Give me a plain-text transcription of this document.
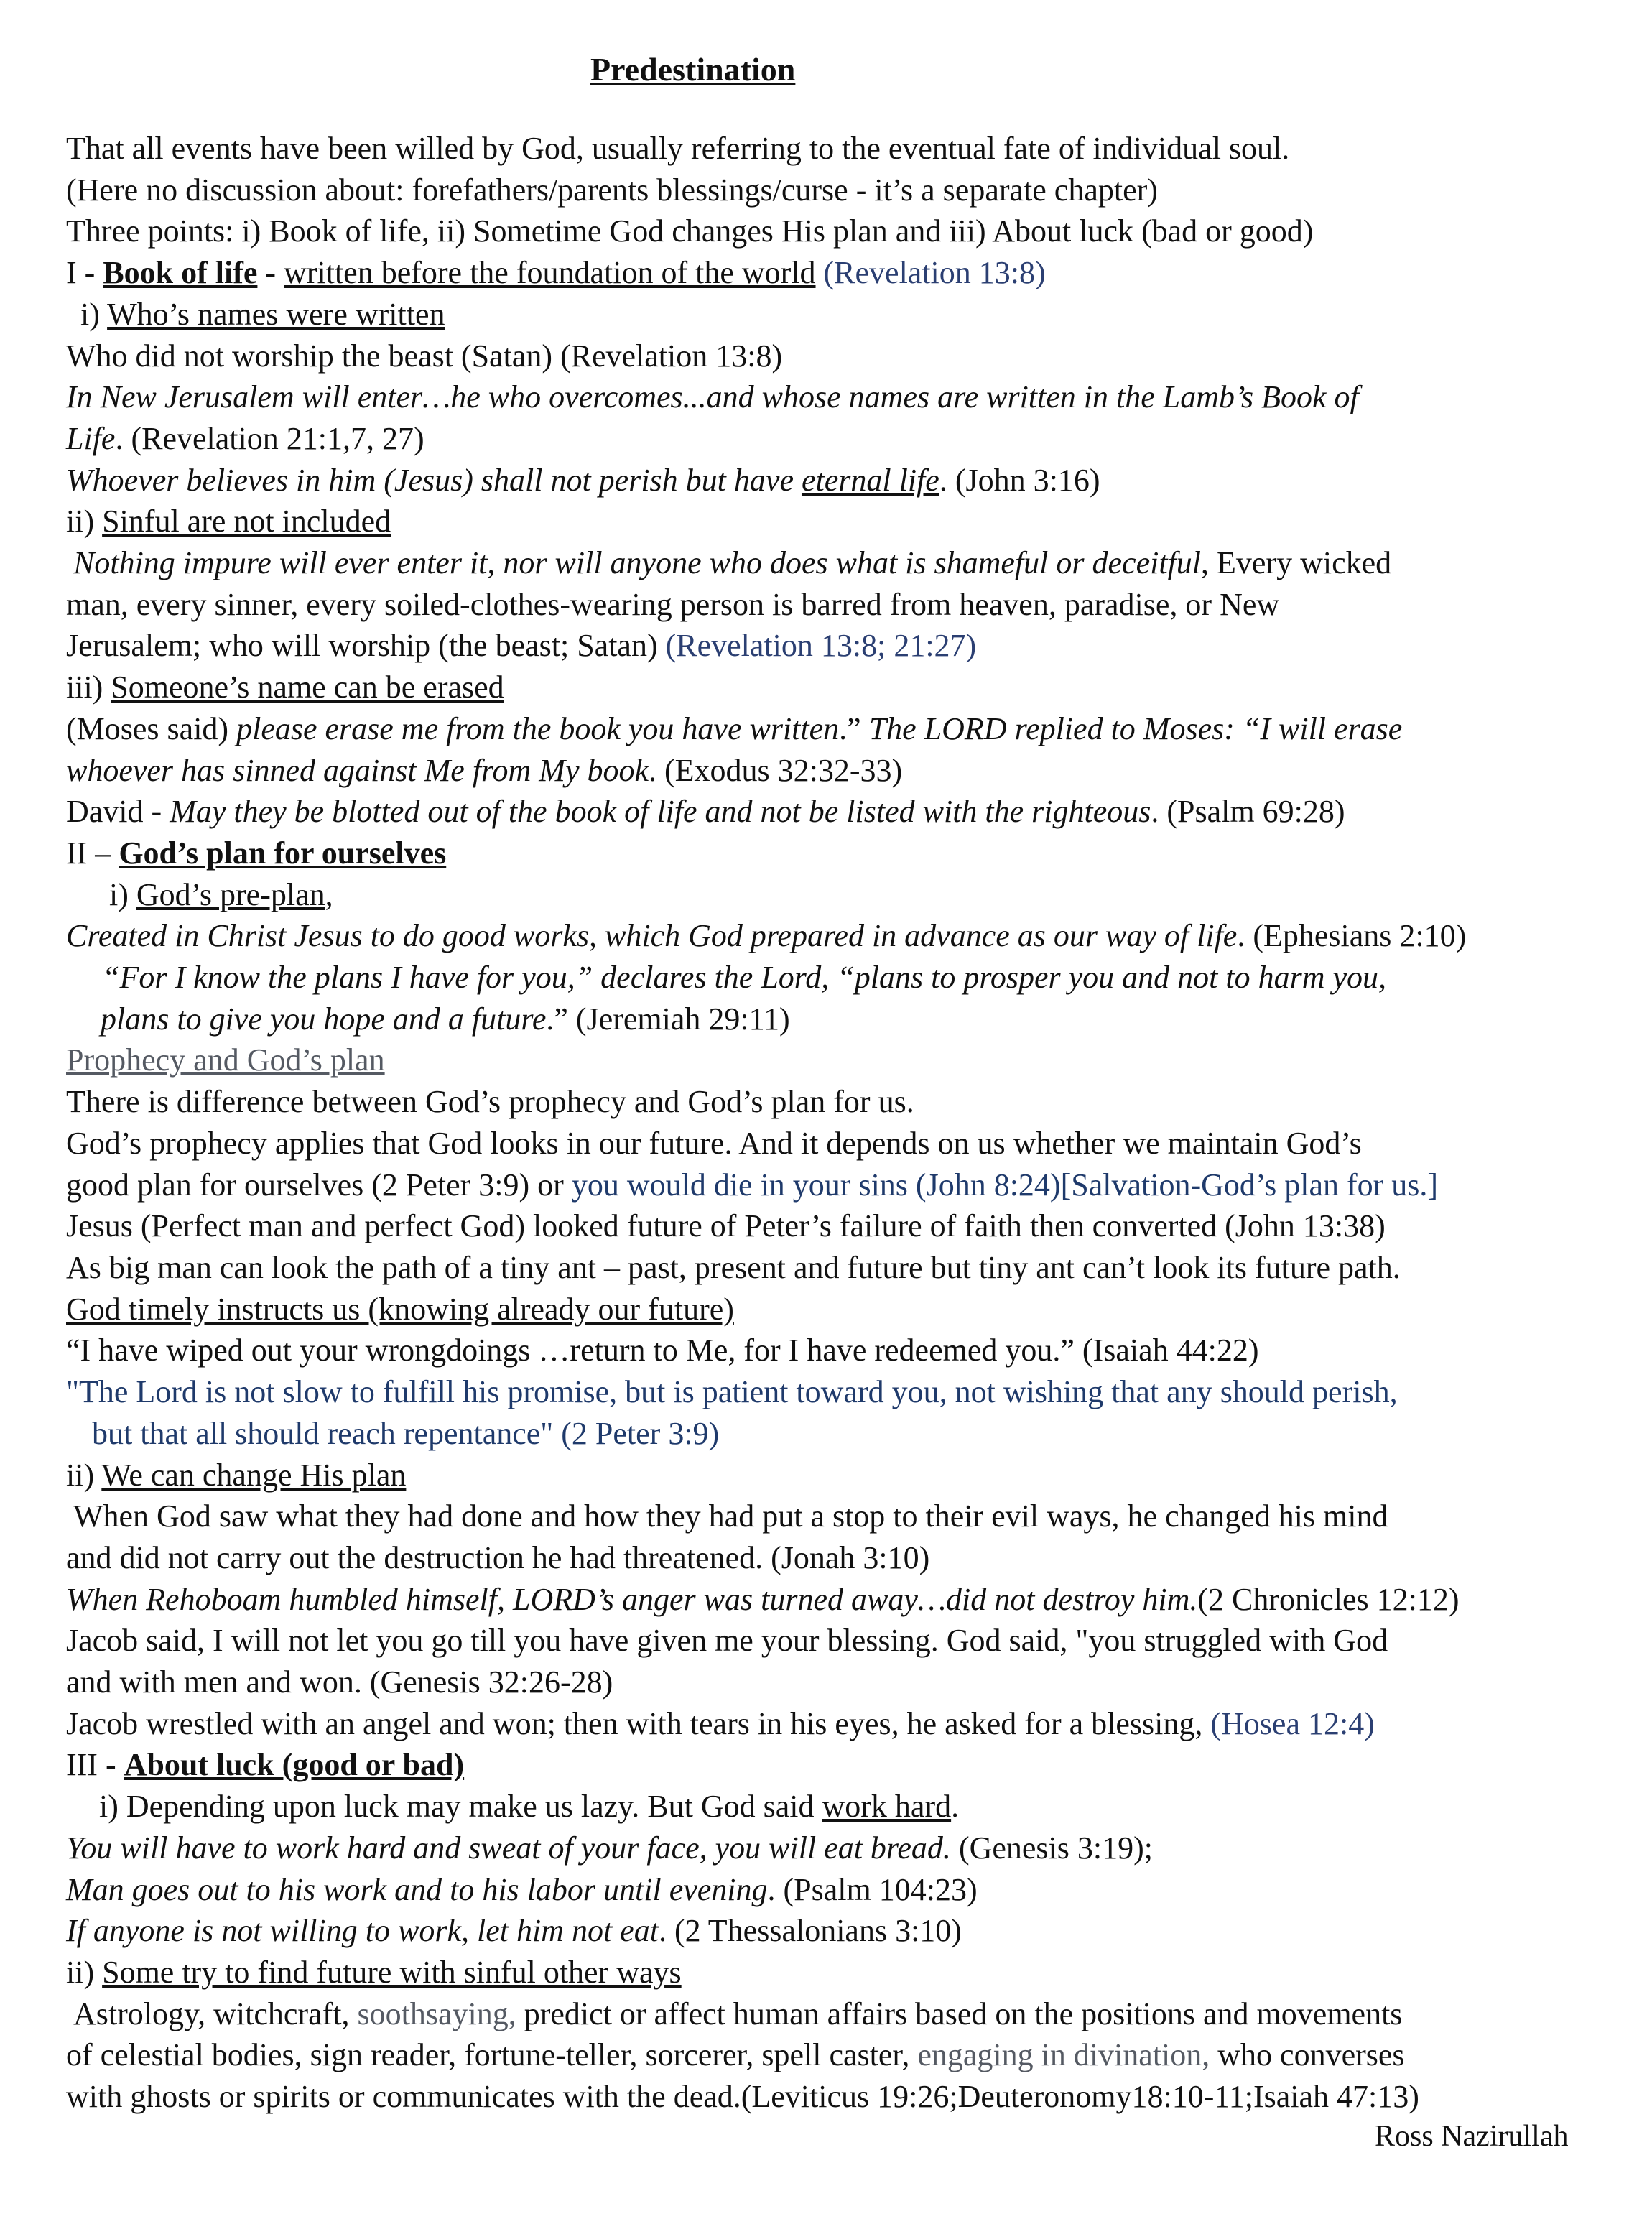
Predestination
That all events have been willed by God, usually referring to the eventual fate of individual soul.
(Here no discussion about: forefathers/parents blessings/curse - it’s a separate chapter)
Three points: i) Book of life, ii) Sometime God changes His plan and iii) About luck (bad or good)
I - Book of life - written before the foundation of the world (Revelation 13:8)
i) Who’s names were written
Who did not worship the beast (Satan) (Revelation 13:8)
In New Jerusalem will enter…he who overcomes...and whose names are written in the Lamb’s Book of
Life. (Revelation 21:1,7, 27)
Whoever believes in him (Jesus) shall not perish but have eternal life. (John 3:16)
ii) Sinful are not included
Nothing impure will ever enter it, nor will anyone who does what is shameful or deceitful, Every wicked
man, every sinner, every soiled-clothes-wearing person is barred from heaven, paradise, or New
Jerusalem; who will worship (the beast; Satan) (Revelation 13:8; 21:27)
iii) Someone’s name can be erased
(Moses said) please erase me from the book you have written.” The LORD replied to Moses: “I will erase
whoever has sinned against Me from My book. (Exodus 32:32-33)
David - May they be blotted out of the book of life and not be listed with the righteous. (Psalm 69:28)
II – God’s plan for ourselves
i) God’s pre-plan,
Created in Christ Jesus to do good works, which God prepared in advance as our way of life. (Ephesians 2:10)
“For I know the plans I have for you,” declares the Lord, “plans to prosper you and not to harm you,
plans to give you hope and a future.” (Jeremiah 29:11)
Prophecy and God’s plan
There is difference between God’s prophecy and God’s plan for us.
God’s prophecy applies that God looks in our future. And it depends on us whether we maintain God’s
good plan for ourselves (2 Peter 3:9) or you would die in your sins (John 8:24)[Salvation-God’s plan for us.]
Jesus (Perfect man and perfect God) looked future of Peter’s failure of faith then converted (John 13:38)
As big man can look the path of a tiny ant – past, present and future but tiny ant can’t look its future path.
God timely instructs us (knowing already our future)
“I have wiped out your wrongdoings …return to Me, for I have redeemed you.” (Isaiah 44:22)
"The Lord is not slow to fulfill his promise, but is patient toward you, not wishing that any should perish,
but that all should reach repentance" (2 Peter 3:9)
ii) We can change His plan
When God saw what they had done and how they had put a stop to their evil ways, he changed his mind
and did not carry out the destruction he had threatened. (Jonah 3:10)
When Rehoboam humbled himself, LORD’s anger was turned away…did not destroy him.(2 Chronicles 12:12)
Jacob said, I will not let you go till you have given me your blessing. God said, "you struggled with God
and with men and won. (Genesis 32:26-28)
Jacob wrestled with an angel and won; then with tears in his eyes, he asked for a blessing, (Hosea 12:4)
III - About luck (good or bad)
i) Depending upon luck may make us lazy. But God said work hard.
You will have to work hard and sweat of your face, you will eat bread. (Genesis 3:19);
Man goes out to his work and to his labor until evening. (Psalm 104:23)
If anyone is not willing to work, let him not eat. (2 Thessalonians 3:10)
ii) Some try to find future with sinful other ways
Astrology, witchcraft, soothsaying, predict or affect human affairs based on the positions and movements
of celestial bodies, sign reader, fortune-teller, sorcerer, spell caster, engaging in divination, who converses
with ghosts or spirits or communicates with the dead.(Leviticus 19:26;Deuteronomy18:10-11;Isaiah 47:13)
Ross Nazirullah
